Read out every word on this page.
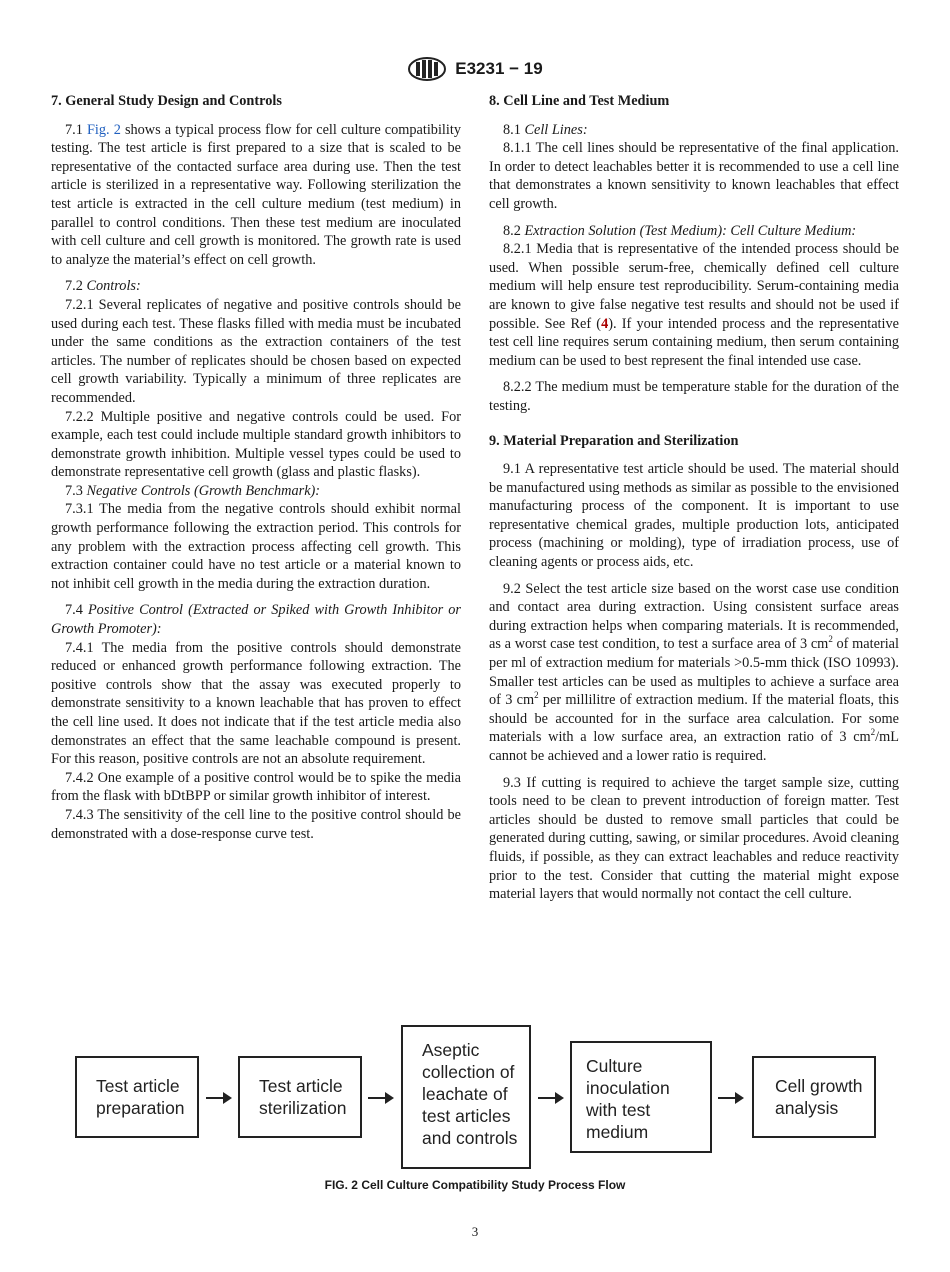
E3231 − 19
7. General Study Design and Controls

7.1 Fig. 2 shows a typical process flow for cell culture compatibility testing. The test article is first prepared to a size that is scaled to be representative of the contacted surface area during use. Then the test article is sterilized in a representative way. Following sterilization the test article is extracted in the cell culture medium (test medium) in parallel to control conditions. Then these test medium are inoculated with cell culture and cell growth is monitored. The growth rate is used to analyze the material’s effect on cell growth.

7.2 Controls:

7.2.1 Several replicates of negative and positive controls should be used during each test. These flasks filled with media must be incubated under the same conditions as the extraction containers of the test articles. The number of replicates should be chosen based on expected cell growth variability. Typically a minimum of three replicates are recommended.

7.2.2 Multiple positive and negative controls could be used. For example, each test could include multiple standard growth inhibitors to demonstrate growth inhibition. Multiple vessel types could be used to demonstrate representative cell growth (glass and plastic flasks).

7.3 Negative Controls (Growth Benchmark):

7.3.1 The media from the negative controls should exhibit normal growth performance following the extraction period. This controls for any problem with the extraction process affecting cell growth. This extraction container could have no test article or a material known to not inhibit cell growth in the media during the extraction duration.

7.4 Positive Control (Extracted or Spiked with Growth Inhibitor or Growth Promoter):

7.4.1 The media from the positive controls should demonstrate reduced or enhanced growth performance following extraction. The positive controls show that the assay was executed properly to demonstrate sensitivity to a known leachable that has proven to effect the cell line used. It does not indicate that if the test article media also demonstrates an effect that the same leachable compound is present. For this reason, positive controls are not an absolute requirement.

7.4.2 One example of a positive control would be to spike the media from the flask with bDtBPP or similar growth inhibitor of interest.

7.4.3 The sensitivity of the cell line to the positive control should be demonstrated with a dose-response curve test.

8. Cell Line and Test Medium

8.1 Cell Lines:

8.1.1 The cell lines should be representative of the final application. In order to detect leachables better it is recommended to use a cell line that demonstrates a known sensitivity to known leachables that effect cell growth.

8.2 Extraction Solution (Test Medium): Cell Culture Medium:

8.2.1 Media that is representative of the intended process should be used. When possible serum-free, chemically defined cell culture medium will help ensure test reproducibility. Serum-containing media are known to give false negative test results and should not be used if possible. See Ref (4). If your intended process and the representative test cell line requires serum containing medium, then serum containing medium can be used to best represent the final intended use case.

8.2.2 The medium must be temperature stable for the duration of the testing.

9. Material Preparation and Sterilization

9.1 A representative test article should be used. The material should be manufactured using methods as similar as possible to the envisioned manufacturing process of the component. It is important to use representative chemical grades, multiple production lots, anticipated process (machining or molding), type of irradiation process, use of cleaning agents or process aids, etc.

9.2 Select the test article size based on the worst case use condition and contact area during extraction. Using consistent surface areas during extraction helps when comparing materials. It is recommended, as a worst case test condition, to test a surface area of 3 $cm^2$ of material per ml of extraction medium for materials >0.5-mm thick (ISO 10993). Smaller test articles can be used as multiples to achieve a surface area of 3 $cm^2$ per millilitre of extraction medium. If the material floats, this should be accounted for in the surface area calculation. For some materials with a low surface area, an extraction ratio of 3 $cm^2/mL$ cannot be achieved and a lower ratio is required.

9.3 If cutting is required to achieve the target sample size, cutting tools need to be clean to prevent introduction of foreign matter. Test articles should be dusted to remove small particles that could be generated during cutting, sawing, or similar procedures. Avoid cleaning fluids, if possible, as they can extract leachables and reduce reactivity prior to the test. Consider that cutting the material might expose material layers that would normally not contact the cell culture.

Test article
preparation
Test article
sterilization
Aseptic
collection of
leachate of
test articles
and controls
Culture
inoculation
with test
medium
Cell growth
analysis
FIG. 2 Cell Culture Compatibility Study Process Flow
3
